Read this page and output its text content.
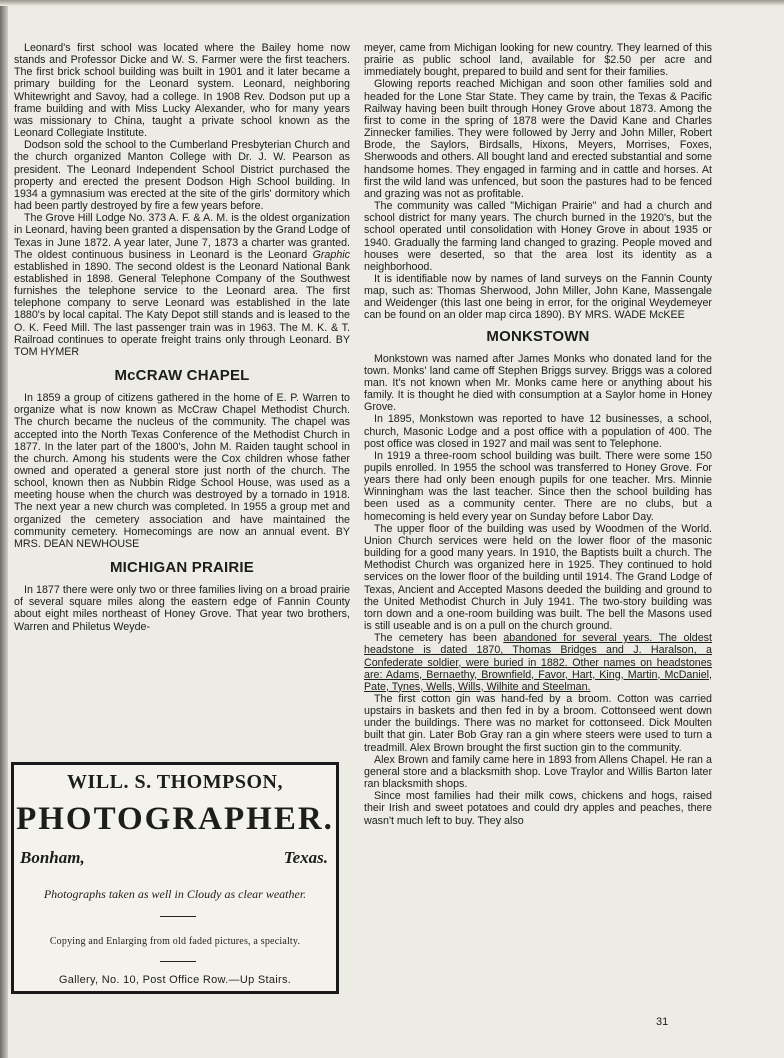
Leonard's first school was located where the Bailey home now stands and Professor Dicke and W. S. Farmer were the first teachers. The first brick school building was built in 1901 and it later became a primary building for the Leonard system. Leonard, neighboring Whitewright and Savoy, had a college. In 1908 Rev. Dodson put up a frame building and with Miss Lucky Alexander, who for many years was missionary to China, taught a private school known as the Leonard Collegiate Institute.

Dodson sold the school to the Cumberland Presbyterian Church and the church organized Manton College with Dr. J. W. Pearson as president. The Leonard Independent School District purchased the property and erected the present Dodson High School building. In 1934 a gymnasium was erected at the site of the girls' dormitory which had been partly destroyed by fire a few years before.

The Grove Hill Lodge No. 373 A. F. & A. M. is the oldest organization in Leonard, having been granted a dispensation by the Grand Lodge of Texas in June 1872. A year later, June 7, 1873 a charter was granted. The oldest continuous business in Leonard is the Leonard Graphic established in 1890. The second oldest is the Leonard National Bank established in 1898. General Telephone Company of the Southwest furnishes the telephone service to the Leonard area. The first telephone company to serve Leonard was established in the late 1880's by local capital. The Katy Depot still stands and is leased to the O. K. Feed Mill. The last passenger train was in 1963. The M. K. & T. Railroad continues to operate freight trains only through Leonard. BY TOM HYMER

McCRAW CHAPEL

In 1859 a group of citizens gathered in the home of E. P. Warren to organize what is now known as McCraw Chapel Methodist Church. The church became the nucleus of the community. The chapel was accepted into the North Texas Conference of the Methodist Church in 1877. In the later part of the 1800's, John M. Raiden taught school in the church. Among his students were the Cox children whose father owned and operated a general store just north of the church. The school, known then as Nubbin Ridge School House, was used as a meeting house when the church was destroyed by a tornado in 1918. The next year a new church was completed. In 1955 a group met and organized the cemetery association and have maintained the community cemetery. Homecomings are now an annual event. BY MRS. DEAN NEWHOUSE

MICHIGAN PRAIRIE

In 1877 there were only two or three families living on a broad prairie of several square miles along the eastern edge of Fannin County about eight miles northeast of Honey Grove. That year two brothers, Warren and Philetus Weyde-

WILL. S. THOMPSON,
PHOTOGRAPHER.
Bonham,	Texas.
Photographs taken as well in Cloudy as clear weather.
Copying and Enlarging from old faded pictures, a specialty.
Gallery, No. 10, Post Office Row.—Up Stairs.

meyer, came from Michigan looking for new country. They learned of this prairie as public school land, available for $2.50 per acre and immediately bought, prepared to build and sent for their families.

Glowing reports reached Michigan and soon other families sold and headed for the Lone Star State. They came by train, the Texas & Pacific Railway having been built through Honey Grove about 1873. Among the first to come in the spring of 1878 were the David Kane and Charles Zinnecker families. They were followed by Jerry and John Miller, Robert Brode, the Saylors, Birdsalls, Hixons, Meyers, Morrises, Foxes, Sherwoods and others. All bought land and erected substantial and some handsome homes. They engaged in farming and in cattle and horses. At first the wild land was unfenced, but soon the pastures had to be fenced and grazing was not as profitable.

The community was called "Michigan Prairie" and had a church and school district for many years. The church burned in the 1920's, but the school operated until consolidation with Honey Grove in about 1935 or 1940. Gradually the farming land changed to grazing. People moved and houses were deserted, so that the area lost its identity as a neighborhood.

It is identifiable now by names of land surveys on the Fannin County map, such as: Thomas Sherwood, John Miller, John Kane, Massengale and Weidenger (this last one being in error, for the original Weydemeyer can be found on an older map circa 1890). BY MRS. WADE McKEE

MONKSTOWN

Monkstown was named after James Monks who donated land for the town. Monks' land came off Stephen Briggs survey. Briggs was a colored man. It's not known when Mr. Monks came here or anything about his family. It is thought he died with consumption at a Saylor home in Honey Grove.

In 1895, Monkstown was reported to have 12 businesses, a school, church, Masonic Lodge and a post office with a population of 400. The post office was closed in 1927 and mail was sent to Telephone.

In 1919 a three-room school building was built. There were some 150 pupils enrolled. In 1955 the school was transferred to Honey Grove. For years there had only been enough pupils for one teacher. Mrs. Minnie Winningham was the last teacher. Since then the school building has been used as a community center. There are no clubs, but a homecoming is held every year on Sunday before Labor Day.

The upper floor of the building was used by Woodmen of the World. Union Church services were held on the lower floor of the masonic building for a good many years. In 1910, the Baptists built a church. The Methodist Church was organized here in 1925. They continued to hold services on the lower floor of the building until 1914. The Grand Lodge of Texas, Ancient and Accepted Masons deeded the building and ground to the United Methodist Church in July 1941. The two-story building was torn down and a one-room building was built. The bell the Masons used is still useable and is on a pull on the church ground.

The cemetery has been abandoned for several years. The oldest headstone is dated 1870, Thomas Bridges and J. Haralson, a Confederate soldier, were buried in 1882. Other names on headstones are: Adams, Bernaethy, Brownfield, Favor, Hart, King, Martin, McDaniel, Pate, Tynes, Wells, Wills, Wilhite and Steelman.

The first cotton gin was hand-fed by a broom. Cotton was carried upstairs in baskets and then fed in by a broom. Cottonseed went down under the buildings. There was no market for cottonseed. Dick Moulten built that gin. Later Bob Gray ran a gin where steers were used to turn a treadmill. Alex Brown brought the first suction gin to the community.

Alex Brown and family came here in 1893 from Allens Chapel. He ran a general store and a blacksmith shop. Love Traylor and Willis Barton later ran blacksmith shops.

Since most families had their milk cows, chickens and hogs, raised their Irish and sweet potatoes and could dry apples and peaches, there wasn't much left to buy. They also

31
